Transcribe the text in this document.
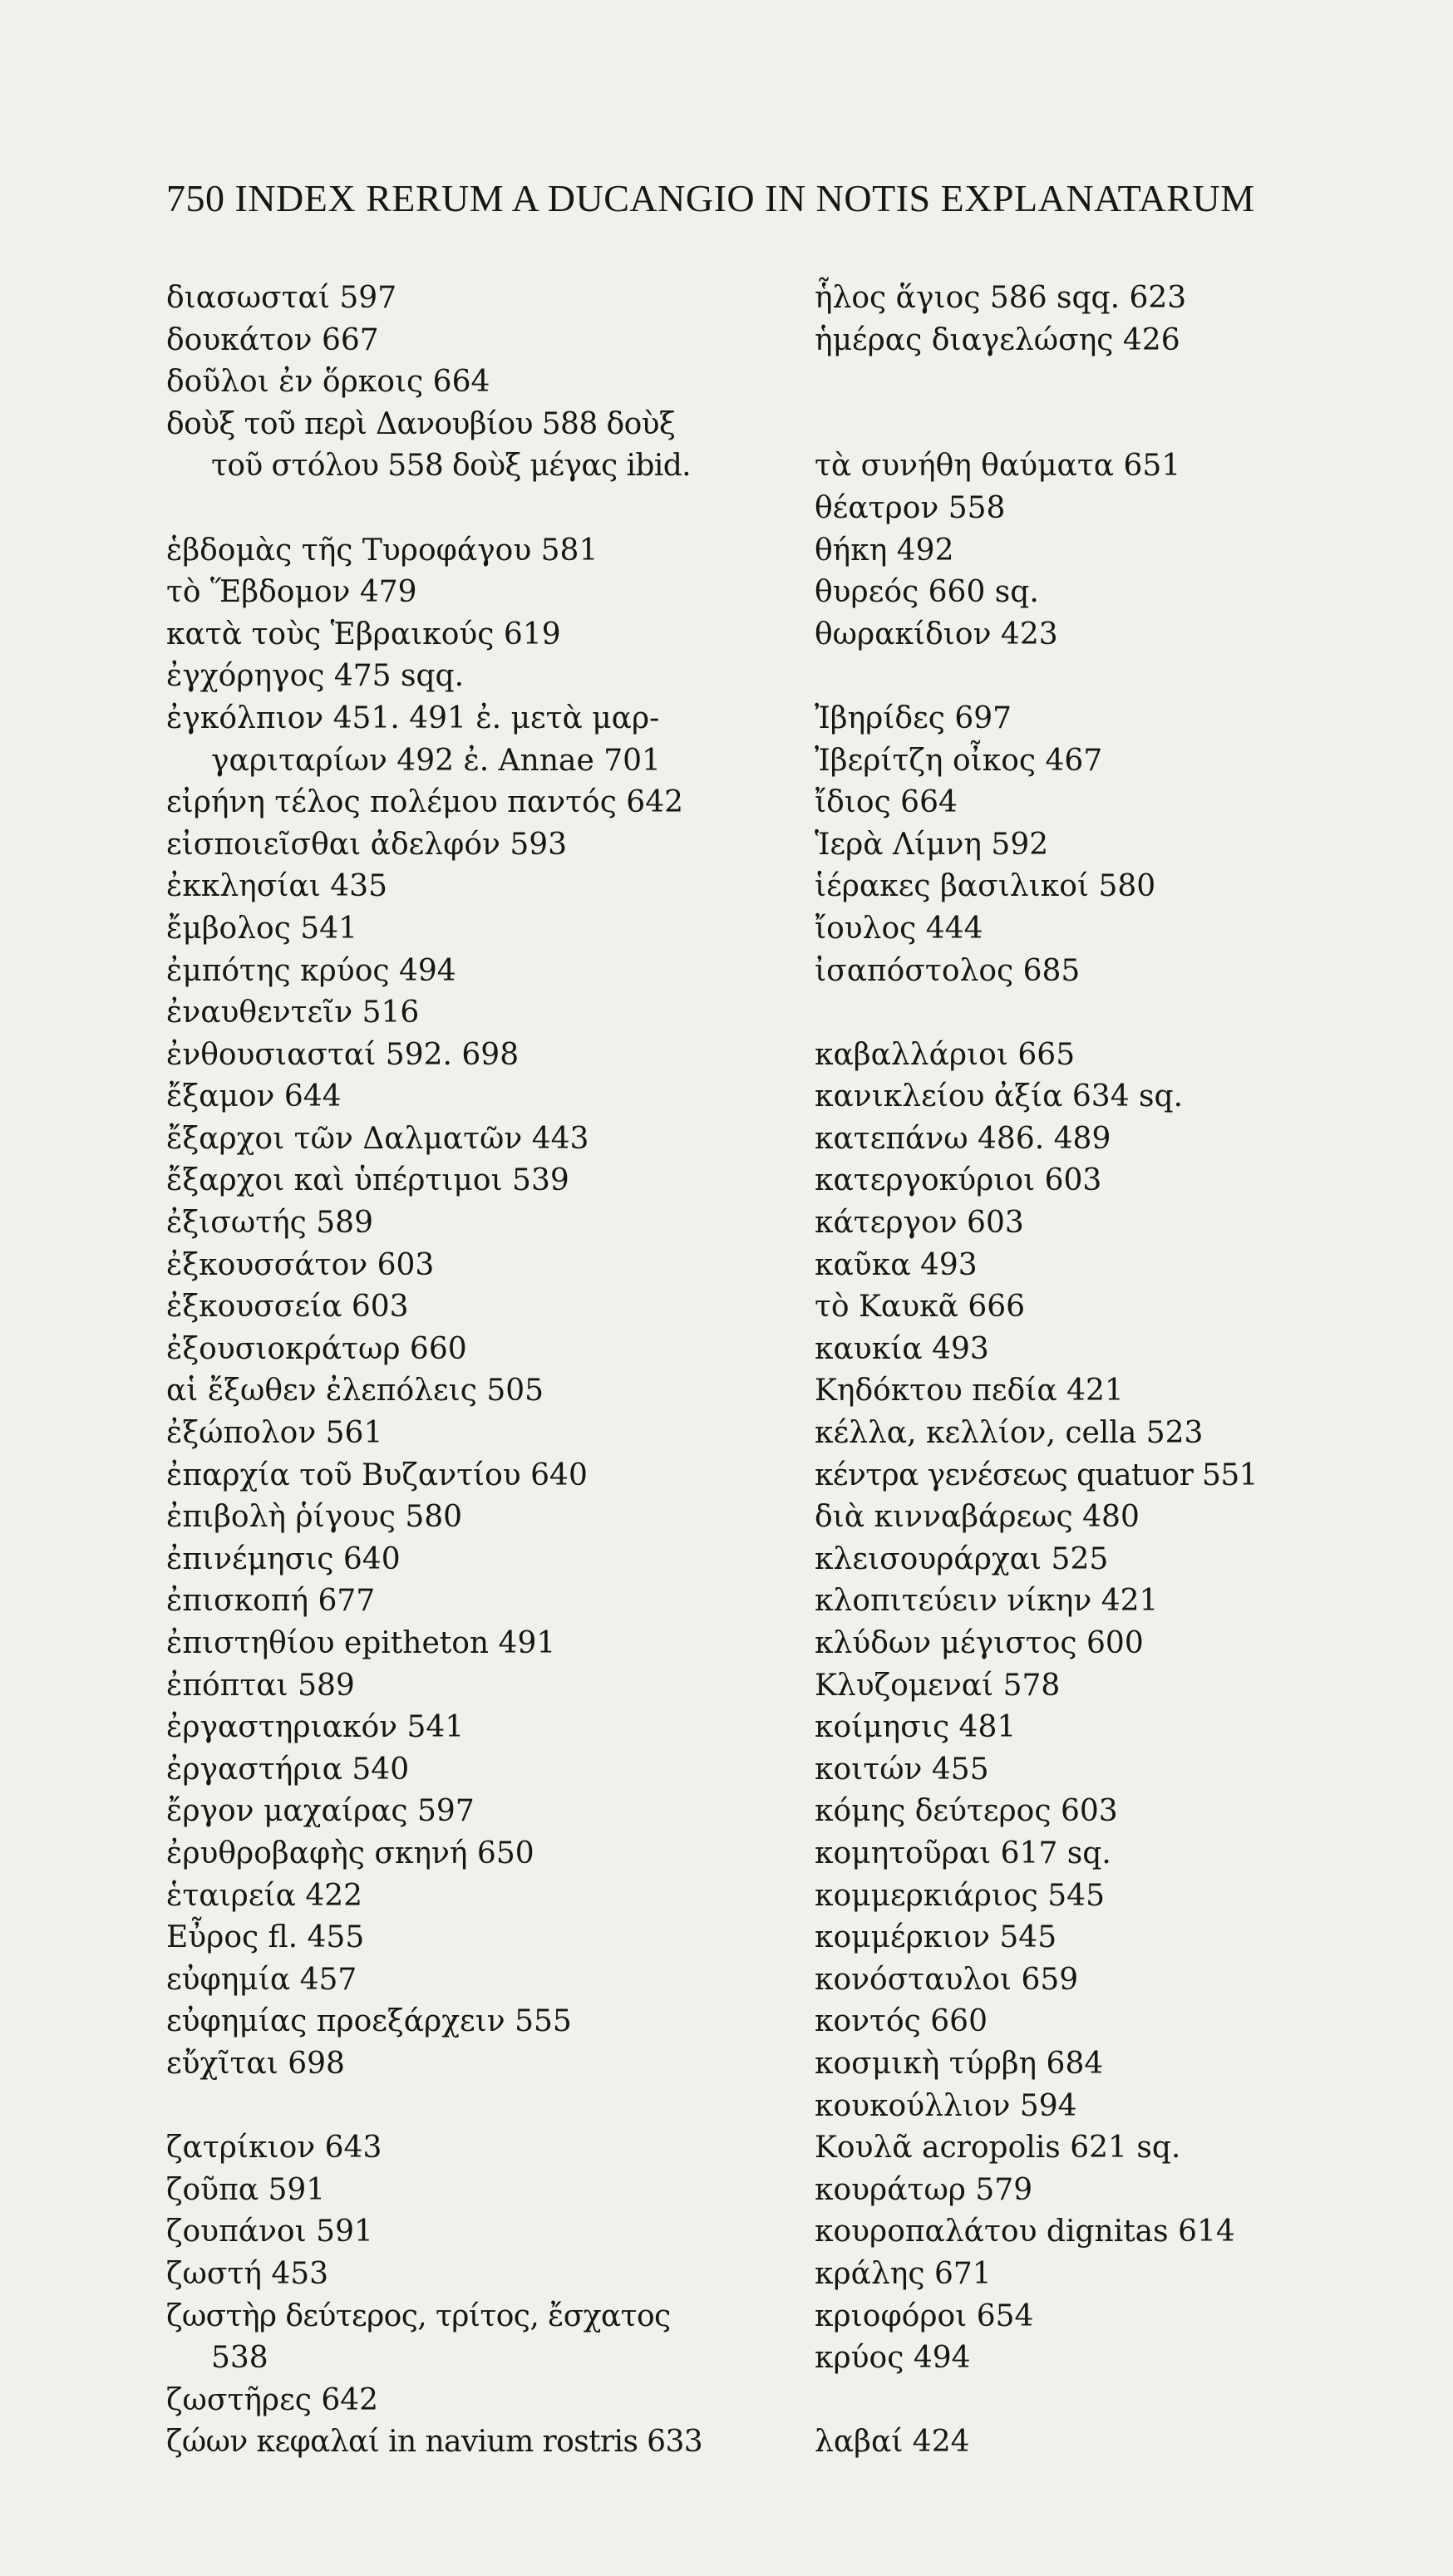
750 INDEX RERUM A DUCANGIO IN NOTIS EXPLANATARUM
διασωσταί 597
δουκάτον 667
δοῦλοι ἐν ὅρκοις 664
δοὺξ τοῦ περὶ Δανουβίου 588 δοὺξ
τοῦ στόλου 558 δοὺξ μέγας ibid.
ἑβδομὰς τῆς Τυροφάγου 581
τὸ Ἕβδομον 479
κατὰ τοὺς Ἑβραικούς 619
ἐγχόρηγος 475 sqq.
ἐγκόλπιον 451. 491 ἐ. μετὰ μαρ-
γαριταρίων 492 ἐ. Annae 701
εἰρήνη τέλος πολέμου παντός 642
εἰσποιεῖσθαι ἀδελφόν 593
ἐκκλησίαι 435
ἔμβολος 541
ἐμπότης κρύος 494
ἐναυθεντεῖν 516
ἐνθουσιασταί 592. 698
ἔξαμον 644
ἔξαρχοι τῶν Δαλματῶν 443
ἔξαρχοι καὶ ὑπέρτιμοι 539
ἐξισωτής 589
ἐξκουσσάτον 603
ἐξκουσσεία 603
ἐξουσιοκράτωρ 660
αἱ ἔξωθεν ἐλεπόλεις 505
ἐξώπολον 561
ἐπαρχία τοῦ Βυζαντίου 640
ἐπιβολὴ ῥίγους 580
ἐπινέμησις 640
ἐπισκοπή 677
ἐπιστηθίου epitheton 491
ἐπόπται 589
ἐργαστηριακόν 541
ἐργαστήρια 540
ἔργον μαχαίρας 597
ἐρυθροβαφὴς σκηνή 650
ἑταιρεία 422
Εὖρος fl. 455
εὐφημία 457
εὐφημίας προεξάρχειν 555
εὔχῖται 698
ζατρίκιον 643
ζοῦπα 591
ζουπάνοι 591
ζωστή 453
ζωστὴρ δεύτερος, τρίτος, ἔσχατος
538
ζωστῆρες 642
ζώων κεφαλαί in navium rostris 633
ἧλος ἅγιος 586 sqq. 623
ἡμέρας διαγελώσης 426
τὰ συνήθη θαύματα 651
θέατρον 558
θήκη 492
θυρεός 660 sq.
θωρακίδιον 423
Ἰβηρίδες 697
Ἰβερίτζη οἶκος 467
ἴδιος 664
Ἱερὰ Λίμνη 592
ἱέρακες βασιλικοί 580
ἴουλος 444
ἰσαπόστολος 685
καβαλλάριοι 665
κανικλείου ἀξία 634 sq.
κατεπάνω 486. 489
κατεργοκύριοι 603
κάτεργον 603
καῦκα 493
τὸ Καυκᾶ 666
καυκία 493
Κηδόκτου πεδία 421
κέλλα, κελλίον, cella 523
κέντρα γενέσεως quatuor 551
διὰ κινναβάρεως 480
κλεισουράρχαι 525
κλοπιτεύειν νίκην 421
κλύδων μέγιστος 600
Κλυζομεναί 578
κοίμησις 481
κοιτών 455
κόμης δεύτερος 603
κομητοῦραι 617 sq.
κομμερκιάριος 545
κομμέρκιον 545
κονόσταυλοι 659
κοντός 660
κοσμικὴ τύρβη 684
κουκούλλιον 594
Κουλᾶ acropolis 621 sq.
κουράτωρ 579
κουροπαλάτου dignitas 614
κράλης 671
κριοφόροι 654
κρύος 494
λαβαί 424
